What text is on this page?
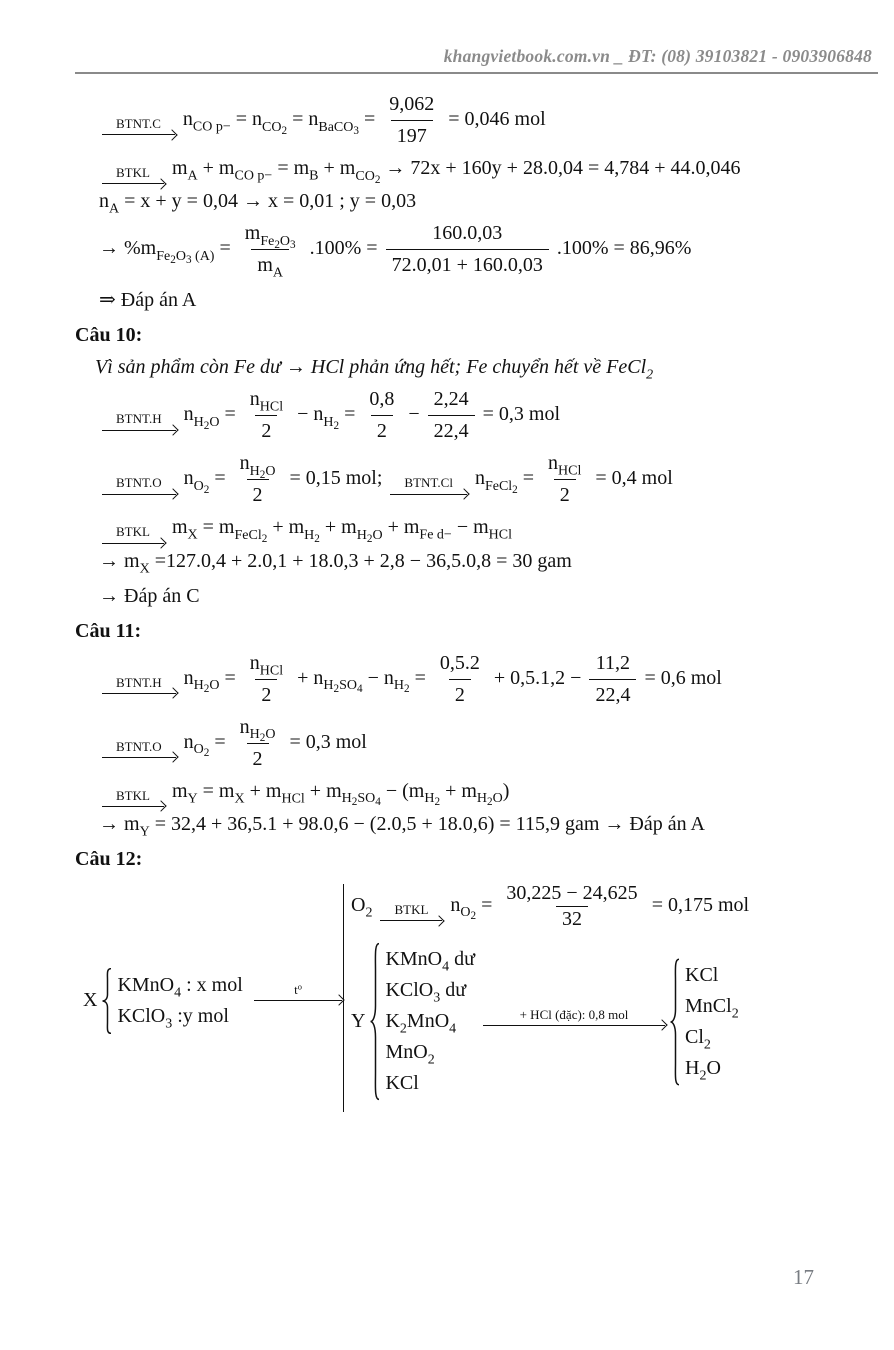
khangvietbook.com.vn _ ĐT: (08) 39103821 - 0903906848
BTNT.C $n_{CO p-} = n_{CO_2} = n_{BaCO_3} = \frac{9,062}{197} = 0,046$ mol
BTKL $m_A + m_{CO p-} = m_B + m_{CO_2} \to 72x + 160y + 28.0,04 = 4,784 + 44.0,046$
$n_A = x + y = 0,04 \to x = 0,01$ ; y = 0,03
→ $\%m_{Fe_2O_3 (A)} = \frac{m_{Fe_2O_3}}{m_A} .100\% = \frac{160.0,03}{72.0,01 + 160.0,03} .100\% = 86,96\%$
⇒ Đáp án A
Câu 10:
Vì sản phẩm còn Fe dư → HCl phản ứng hết; Fe chuyển hết về FeCl$_2$
BTNT.H $n_{H_2O} = \frac{n_{HCl}}{2} - n_{H_2} = \frac{0,8}{2} - \frac{2,24}{22,4} = 0,3$ mol
BTNT.O $n_{O_2} = \frac{n_{H_2O}}{2} = 0,15$ mol;	BTNT.Cl $n_{FeCl_2} = \frac{n_{HCl}}{2} = 0,4$ mol
BTKL $m_X = m_{FeCl_2} + m_{H_2} + m_{H_2O} + m_{Fe d-} - m_{HCl}$
→ $m_X =127.0,4 + 2.0,1 + 18.0,3 + 2,8 - 36,5.0,8 = 30$ gam
→ Đáp án C
Câu 11:
BTNT.H $n_{H_2O} = \frac{n_{HCl}}{2} + n_{H_2SO_4} - n_{H_2} = \frac{0,5.2}{2} + 0,5.1,2 - \frac{11,2}{22,4} = 0,6$ mol
BTNT.O $n_{O_2} = \frac{n_{H_2O}}{2} = 0,3$ mol
BTKL $m_Y = m_X + m_{HCl} + m_{H_2SO_4} - (m_{H_2} + m_{H_2O})$
→ $m_Y = 32,4 + 36,5.1 + 98.0,6 - (2.0,5 + 18.0,6) = 115,9$ gam → Đáp án A
Câu 12:
X
KMnO$_4$ : x mol
KClO$_3$ :y mol
$t^o$
$O_2$	BTKL $n_{O_2} = \frac{30,225 - 24,625}{32} = 0,175$ mol
Y
KMnO$_4$ dư
KClO$_3$ dư
$K_2MnO_4$
MnO$_2$
KCl
+ HCl (đặc): 0,8 mol
KCl
MnCl$_2$
$Cl_2$
$H_2O$
17
